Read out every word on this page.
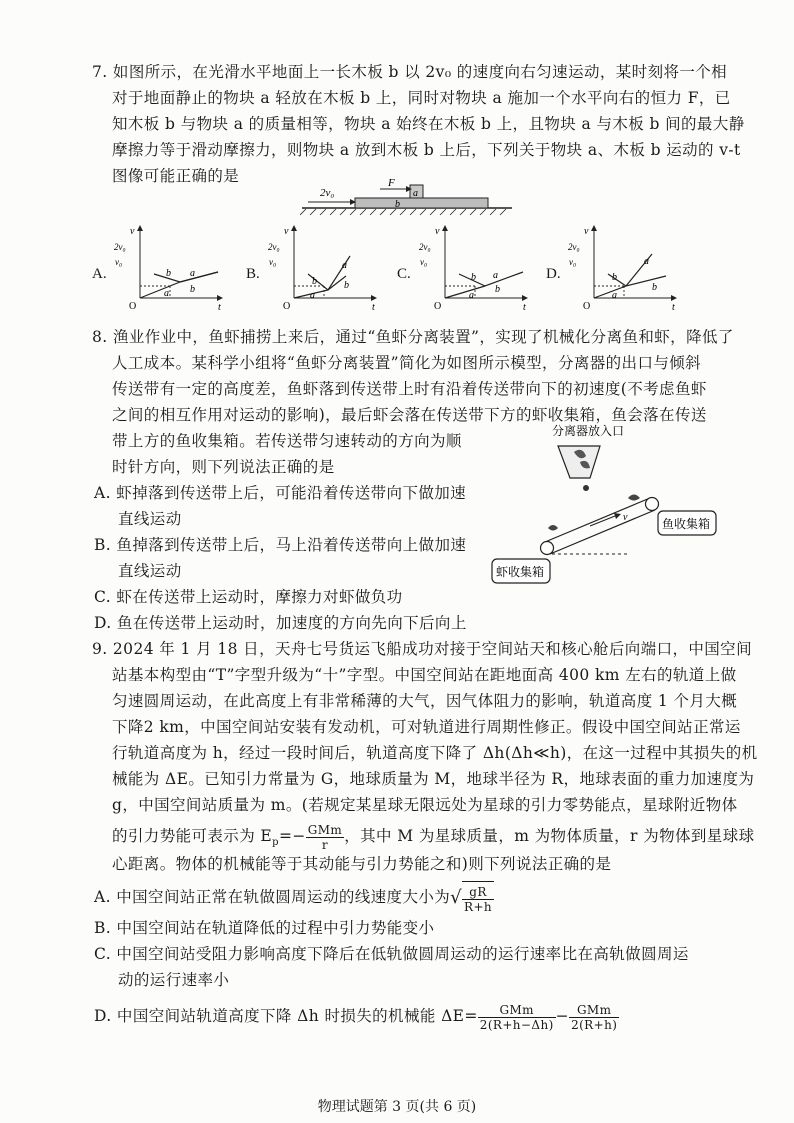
7. 如图所示，在光滑水平地面上一长木板 b 以 2v₀ 的速度向右匀速运动，某时刻将一个相
对于地面静止的物块 a 轻放在木板 b 上，同时对物块 a 施加一个水平向右的恒力 F，已
知木板 b 与物块 a 的质量相等，物块 a 始终在木板 b 上，且物块 a 与木板 b 间的最大静
摩擦力等于滑动摩擦力，则物块 a 放到木板 b 上后，下列关于物块 a、木板 b 运动的 v-t
图像可能正确的是
2v₀
F
a
b
A.
v
t
O
2v₀
v₀
b a
a b
B.
v
t
O
2v₀
v₀
b
a
a
b
C.
v
t
O
2v₀
v₀
b a
a
b
D.
v
t
O
2v₀
v₀
b
a
a
b
8. 渔业作业中，鱼虾捕捞上来后，通过“鱼虾分离装置”，实现了机械化分离鱼和虾，降低了
人工成本。某科学小组将“鱼虾分离装置”简化为如图所示模型，分离器的出口与倾斜
传送带有一定的高度差，鱼虾落到传送带上时有沿着传送带向下的初速度(不考虑鱼虾
之间的相互作用对运动的影响)，最后虾会落在传送带下方的虾收集箱，鱼会落在传送
带上方的鱼收集箱。若传送带匀速转动的方向为顺
时针方向，则下列说法正确的是
A. 虾掉落到传送带上后，可能沿着传送带向下做加速
直线运动
B. 鱼掉落到传送带上后，马上沿着传送带向上做加速
直线运动
C. 虾在传送带上运动时，摩擦力对虾做负功
D. 鱼在传送带上运动时，加速度的方向先向下后向上
分离器放入口
v	鱼收集箱
虾收集箱
9. 2024 年 1 月 18 日，天舟七号货运飞船成功对接于空间站天和核心舱后向端口，中国空间
站基本构型由“T”字型升级为“十”字型。中国空间站在距地面高 400 km 左右的轨道上做
匀速圆周运动，在此高度上有非常稀薄的大气，因气体阻力的影响，轨道高度 1 个月大概
下降2 km，中国空间站安装有发动机，可对轨道进行周期性修正。假设中国空间站正常运
行轨道高度为 h，经过一段时间后，轨道高度下降了 Δh(Δh≪h)，在这一过程中其损失的机
械能为 ΔE。已知引力常量为 G，地球质量为 M，地球半径为 R，地球表面的重力加速度为
g，中国空间站质量为 m。(若规定某星球无限远处为星球的引力零势能点，星球附近物体
的引力势能可表示为 $E_p=- \frac{\text{GMm}}{r}$ ，其中 M 为星球质量，m 为物体质量，r 为物体到星球球
心距离。物体的机械能等于其动能与引力势能之和)则下列说法正确的是
A. 中国空间站正常在轨做圆周运动的线速度大小为√ $\frac{gR}{R+h}$
B. 中国空间站在轨道降低的过程中引力势能变小
C. 中国空间站受阻力影响高度下降后在低轨做圆周运动的运行速率比在高轨做圆周运
动的运行速率小
D. 中国空间站轨道高度下降 Δh 时损失的机械能 $\Delta E= \frac{\text{GMm}}{2(R+h-\Delta h)} - \frac{\text{GMm}}{2(R+h)}$
物理试题第 3 页(共 6 页)
